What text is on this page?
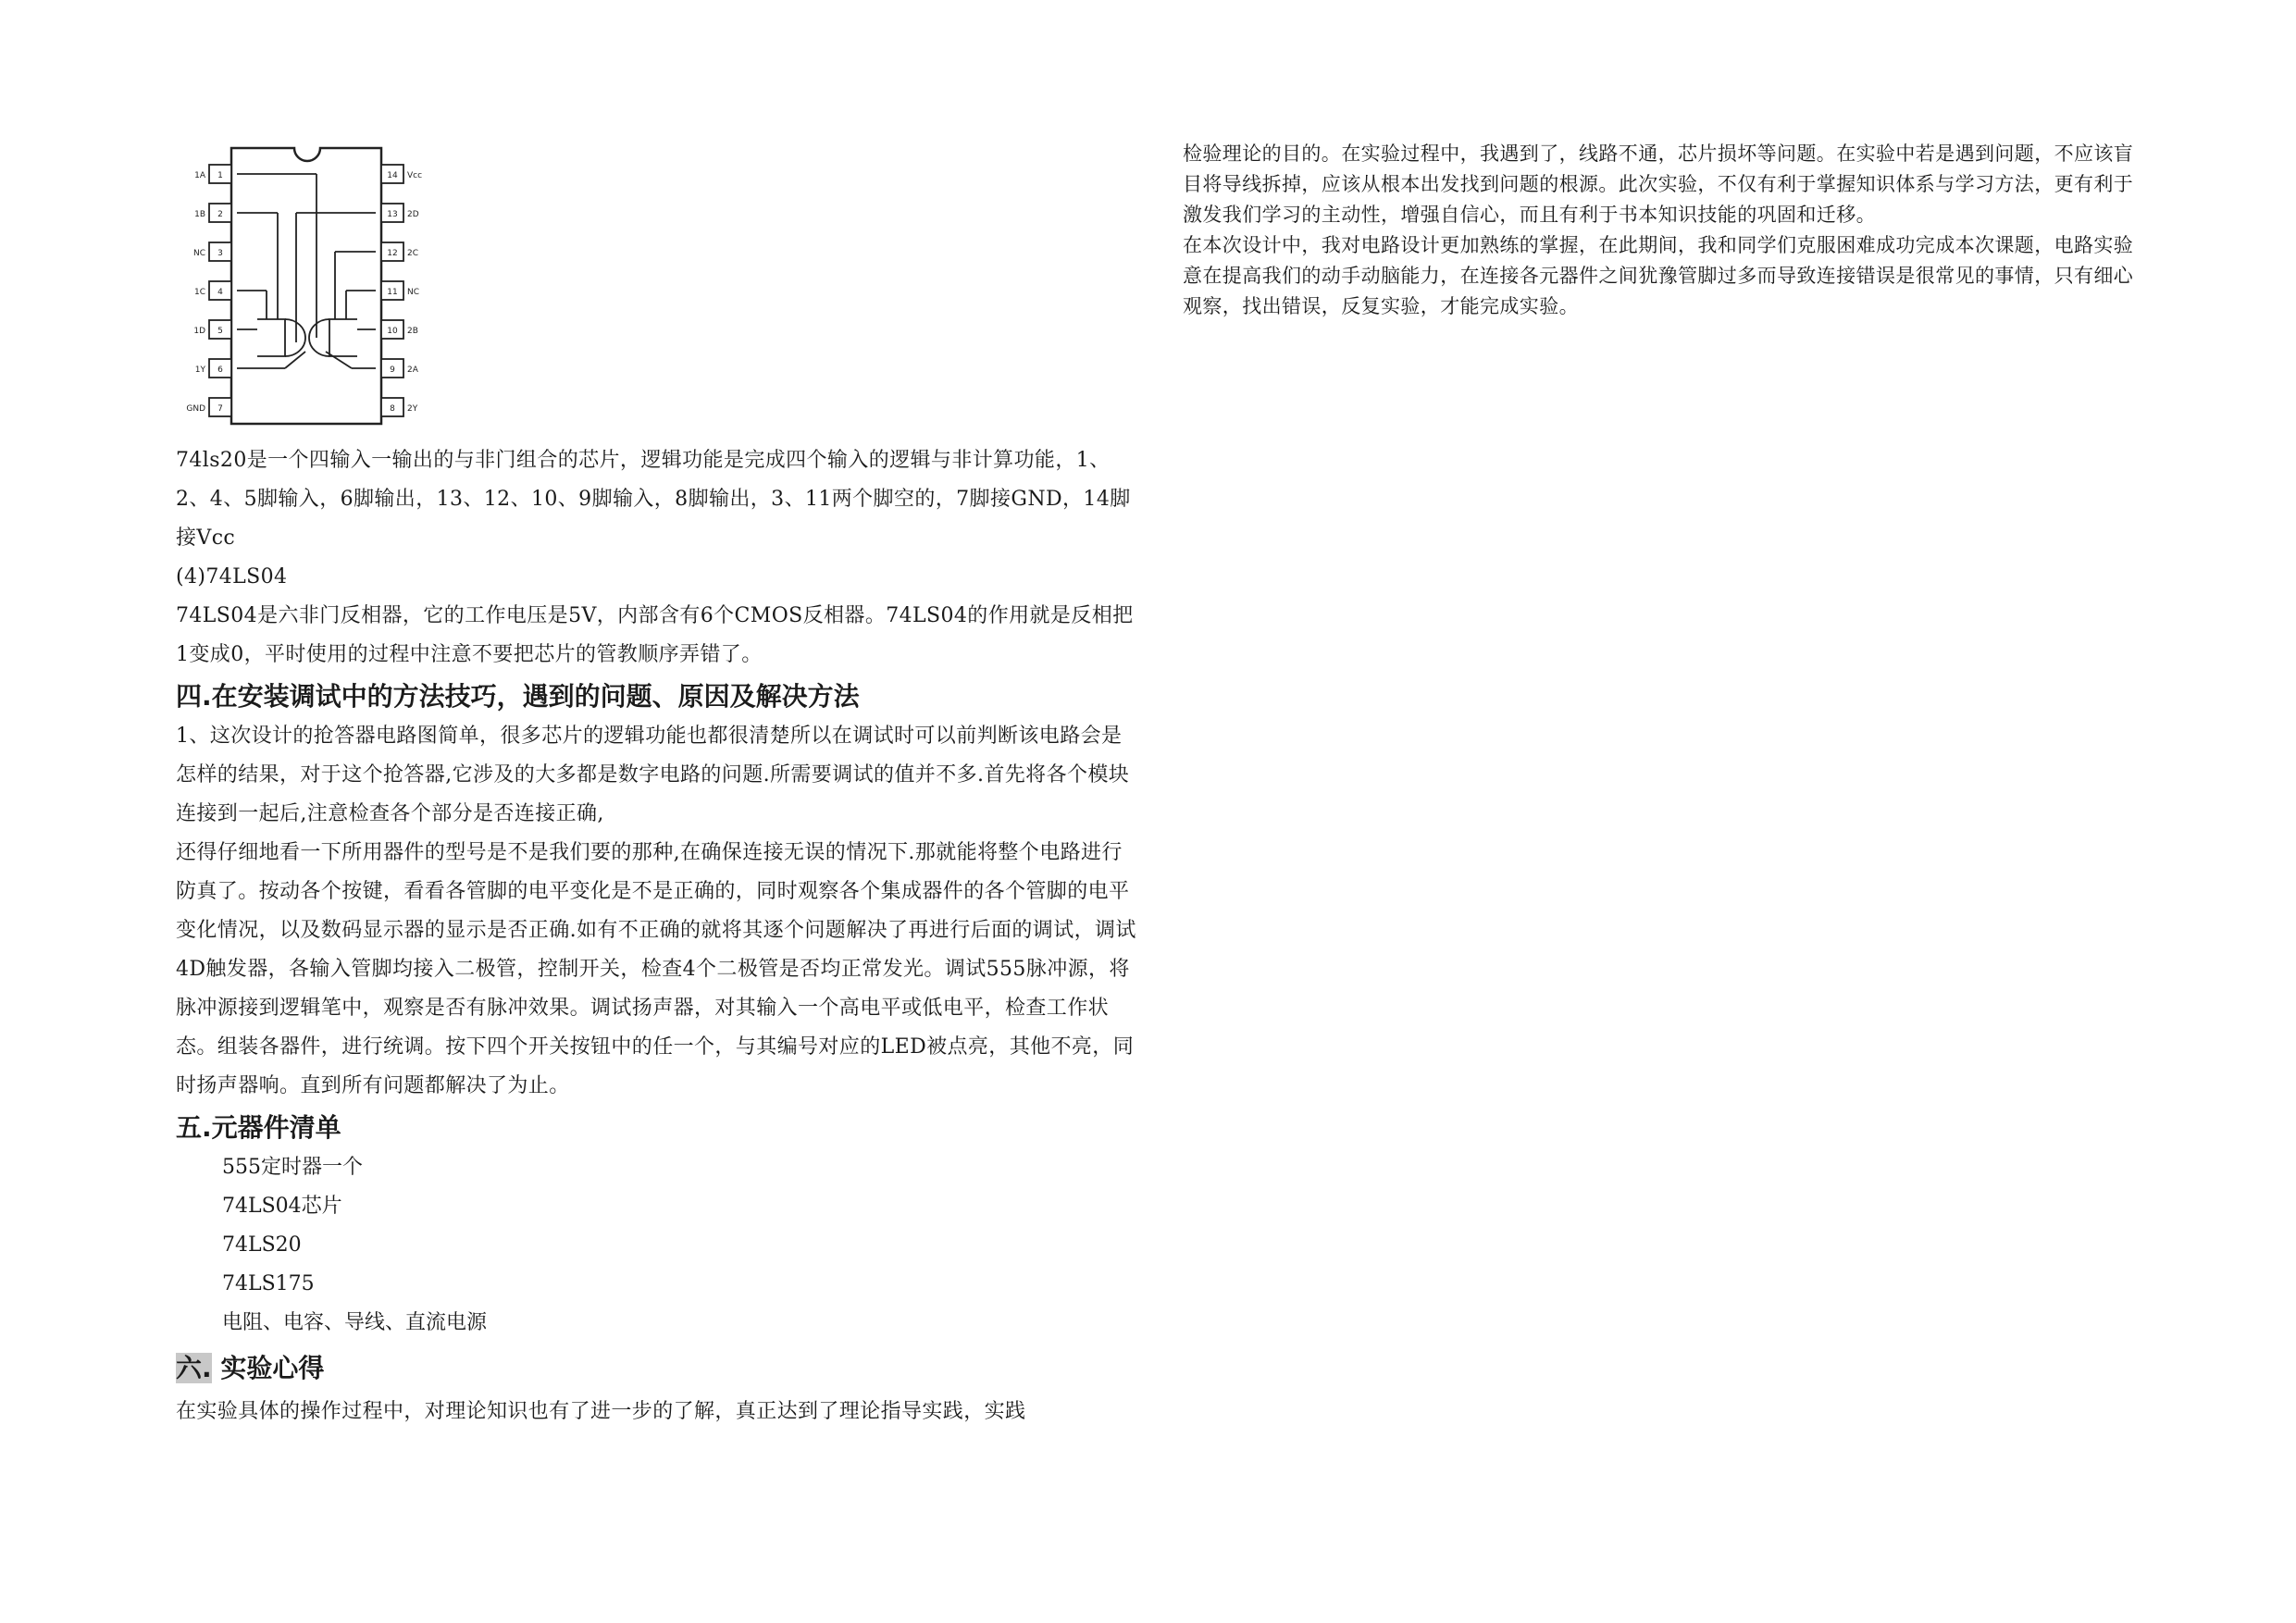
1
1A
2
1B
3
NC
4
1C
5
1D
6
1Y
7
GND
14 Vcc
13 2D
12 2C
11 NC
10 2B
9 2A
8 2Y

74ls20是一个四输入一输出的与非门组合的芯片，逻辑功能是完成四个输入的逻辑与非计算功能，1、2、4、5脚输入，6脚输出，13、12、10、9脚输入，8脚输出，3、11两个脚空的，7脚接GND，14脚接Vcc

(4)74LS04

74LS04是六非门反相器，它的工作电压是5V，内部含有6个CMOS反相器。74LS04的作用就是反相把1变成0，平时使用的过程中注意不要把芯片的管教顺序弄错了。

四.在安装调试中的方法技巧，遇到的问题、原因及解决方法

1、这次设计的抢答器电路图简单，很多芯片的逻辑功能也都很清楚所以在调试时可以前判断该电路会是怎样的结果，对于这个抢答器,它涉及的大多都是数字电路的问题.所需要调试的值并不多.首先将各个模块连接到一起后,注意检查各个部分是否连接正确,

还得仔细地看一下所用器件的型号是不是我们要的那种,在确保连接无误的情况下.那就能将整个电路进行防真了。按动各个按键，看看各管脚的电平变化是不是正确的，同时观察各个集成器件的各个管脚的电平变化情况，以及数码显示器的显示是否正确.如有不正确的就将其逐个问题解决了再进行后面的调试，调试4D触发器，各输入管脚均接入二极管，控制开关，检查4个二极管是否均正常发光。调试555脉冲源，将脉冲源接到逻辑笔中，观察是否有脉冲效果。调试扬声器，对其输入一个高电平或低电平，检查工作状态。组装各器件，进行统调。按下四个开关按钮中的任一个，与其编号对应的LED被点亮，其他不亮，同时扬声器响。直到所有问题都解决了为止。

五.元器件清单

555定时器一个

74LS04芯片

74LS20

74LS175

电阻、电容、导线、直流电源

六. 实验心得

在实验具体的操作过程中，对理论知识也有了进一步的了解，真正达到了理论指导实践，实践

检验理论的目的。在实验过程中，我遇到了，线路不通，芯片损坏等问题。在实验中若是遇到问题，不应该盲目将导线拆掉，应该从根本出发找到问题的根源。此次实验，不仅有利于掌握知识体系与学习方法，更有利于激发我们学习的主动性，增强自信心，而且有利于书本知识技能的巩固和迁移。

在本次设计中，我对电路设计更加熟练的掌握，在此期间，我和同学们克服困难成功完成本次课题，电路实验意在提高我们的动手动脑能力，在连接各元器件之间犹豫管脚过多而导致连接错误是很常见的事情，只有细心观察，找出错误，反复实验，才能完成实验。
